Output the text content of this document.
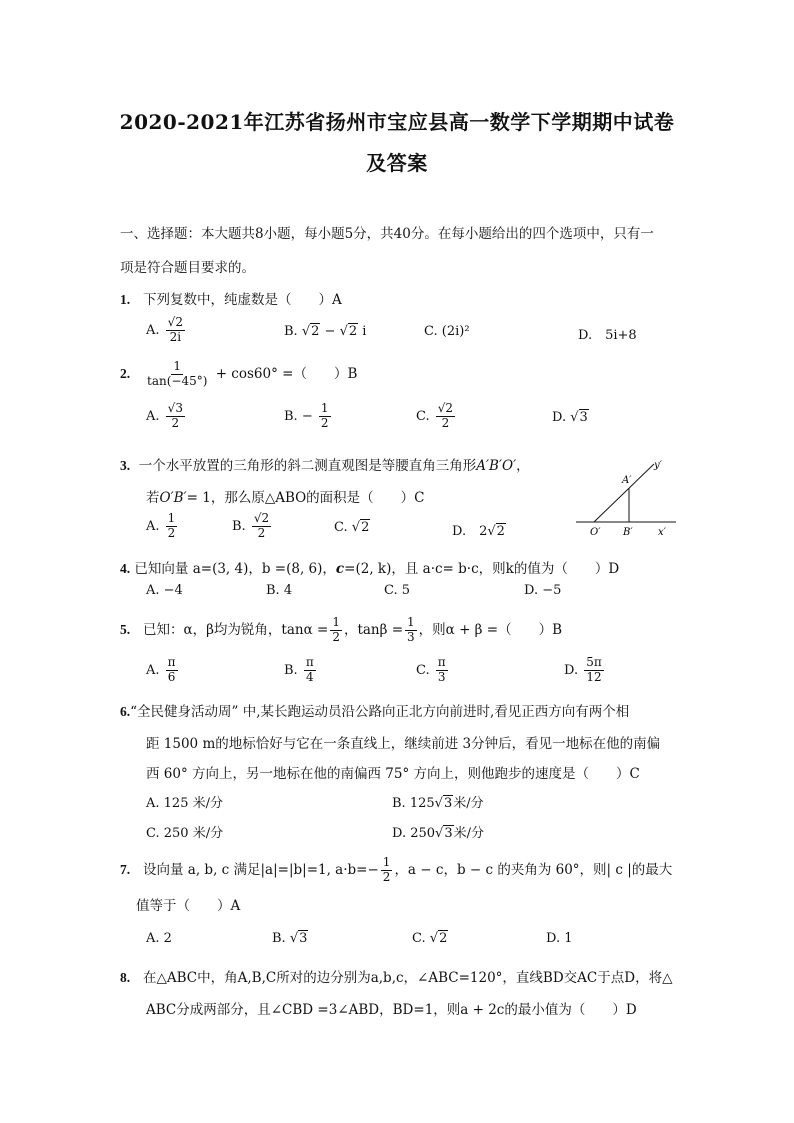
2020-2021年江苏省扬州市宝应县高一数学下学期期中试卷
及答案
一、选择题：本大题共8小题，每小题5分，共40分。在每小题给出的四个选项中，只有一
项是符合题目要求的。
1. 下列复数中，纯虚数是（　　）A
A. $\frac{√2}{2i}$	B. √2 − √2 i	C. (2i)²	D.　5i+8
2. $\frac{1}{\tan(-45^\circ)} + \cos 60^\circ$ =（　　）B
A. $\frac{√3}{2}$	B. − $\frac{1}{2}$	C. $\frac{√2}{2}$	D. √3
3. 一个水平放置的三角形的斜二测直观图是等腰直角三角形A′B′O′，
若O′B′= 1，那么原△ABO的面积是（　　）C
A. $\frac{1}{2}$	B. $\frac{√2}{2}$	C. √2	D.　2√2
y′
A′
O′ B′	x′
4. 已知向量 a=(3, 4)，b =(8, 6)，c=(2, k)，且 a·c= b·c，则k的值为（　　）D
A. −4	B. 4	C. 5	D. −5
5. 已知：α，β均为锐角，$\tan\alpha = \frac{1}{2}$ ，$\tan\beta = \frac{1}{3}$ ，则α + β =（　　）B
A. $\frac{\pi}{6}$	B. $\frac{\pi}{4}$	C. $\frac{\pi}{3}$	D. $\frac{5\pi}{12}$
6.“全民健身活动周” 中,某长跑运动员沿公路向正北方向前进时,看见正西方向有两个相
距 1500 m的地标恰好与它在一条直线上，继续前进 3分钟后，看见一地标在他的南偏
西 60° 方向上，另一地标在他的南偏西 75° 方向上，则他跑步的速度是（　　）C
A. 125 米/分	B. 125√3米/分
C. 250 米/分	D. 250√3米/分
7. 设向量 a, b, c 满足|a|=|b|=1, $a\cdot b=- \frac{1}{2}$ ，a − c，b − c 的夹角为 60°，则| c |的最大
值等于（　　）A
A. 2	B. √3	C. √2	D. 1
8. 在△ABC中，角A,B,C所对的边分别为a,b,c，∠ABC=120°，直线BD交AC于点D，将△
ABC分成两部分，且∠CBD =3∠ABD，BD=1，则a + 2c的最小值为（　　）D
